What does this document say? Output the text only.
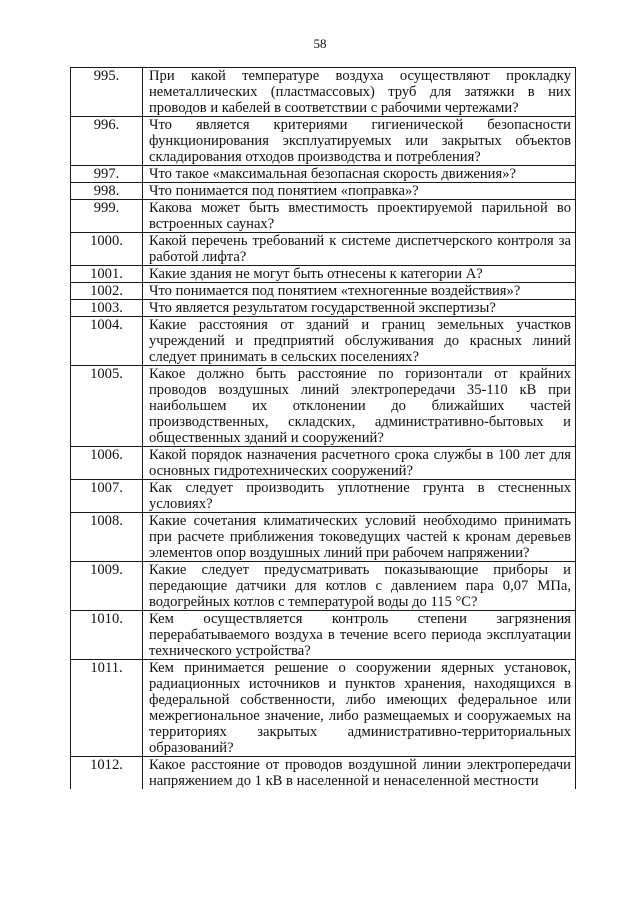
58
995.	При какой температуре воздуха осуществляют прокладку неметаллических (пластмассовых) труб для затяжки в них проводов и кабелей в соответствии с рабочими чертежами?
996.	Что является критериями гигиенической безопасности функционирования эксплуатируемых или закрытых объектов складирования отходов производства и потребления?
997.	Что такое «максимальная безопасная скорость движения»?
998.	Что понимается под понятием «поправка»?
999.	Какова может быть вместимость проектируемой парильной во встроенных саунах?
1000.	Какой перечень требований к системе диспетчерского контроля за работой лифта?
1001.	Какие здания не могут быть отнесены к категории А?
1002.	Что понимается под понятием «техногенные воздействия»?
1003.	Что является результатом государственной экспертизы?
1004.	Какие расстояния от зданий и границ земельных участков учреждений и предприятий обслуживания до красных линий следует принимать в сельских поселениях?
1005.	Какое должно быть расстояние по горизонтали от крайних проводов воздушных линий электропередачи 35-110 кВ при наибольшем их отклонении до ближайших частей производственных, складских, административно-бытовых и общественных зданий и сооружений?
1006.	Какой порядок назначения расчетного срока службы в 100 лет для основных гидротехнических сооружений?
1007.	Как следует производить уплотнение грунта в стесненных условиях?
1008.	Какие сочетания климатических условий необходимо принимать при расчете приближения токоведущих частей к кронам деревьев элементов опор воздушных линий при рабочем напряжении?
1009.	Какие следует предусматривать показывающие приборы и передающие датчики для котлов с давлением пара 0,07 МПа, водогрейных котлов с температурой воды до 115 °С?
1010.	Кем осуществляется контроль степени загрязнения перерабатываемого воздуха в течение всего периода эксплуатации технического устройства?
1011.	Кем принимается решение о сооружении ядерных установок, радиационных источников и пунктов хранения, находящихся в федеральной собственности, либо имеющих федеральное или межрегиональное значение, либо размещаемых и сооружаемых на территориях закрытых административно-территориальных образований?
1012.	Какое расстояние от проводов воздушной линии электропередачи напряжением до 1 кВ в населенной и ненаселенной местности
